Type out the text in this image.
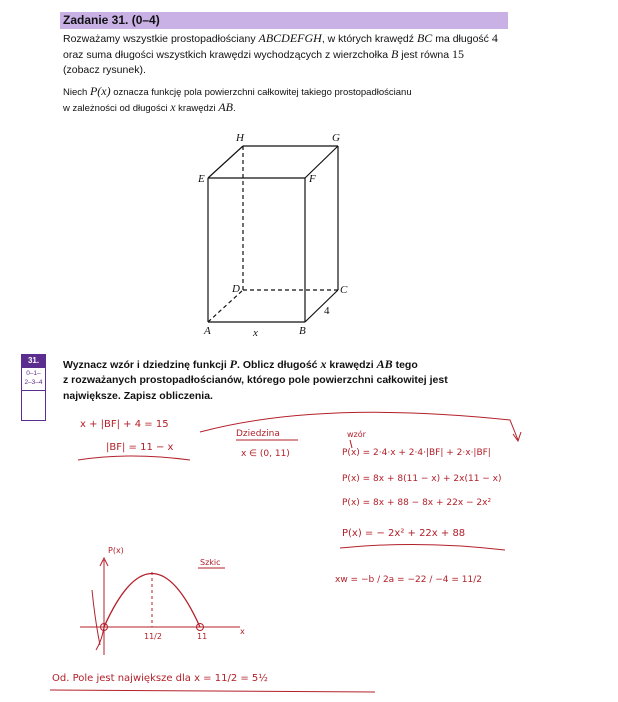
Zadanie 31. (0–4)
Rozważamy wszystkie prostopadłościany ABCDEFGH, w których krawędź BC ma długość 4
oraz suma długości wszystkich krawędzi wychodzących z wierzchołka B jest równa 15
(zobacz rysunek).
Niech P(x) oznacza funkcję pola powierzchni całkowitej takiego prostopadłościanu
w zależności od długości x krawędzi AB.
31.
0–1–
2–3–4
Wyznacz wzór i dziedzinę funkcji P. Oblicz długość x krawędzi AB tego
z rozważanych prostopadłościanów, którego pole powierzchni całkowitej jest
największe. Zapisz obliczenia.
H	G
E	F
D	C
A	B
x
4
x + |BF| + 4 = 15
|BF| = 11 − x
Dziedzina
x ∈ (0, 11)
wzór
P(x) = 2·4·x + 2·4·|BF| + 2·x·|BF|
P(x) = 8x + 8(11 − x) + 2x(11 − x)
P(x) = 8x + 88 − 8x + 22x − 2x²
P(x) = − 2x² + 22x + 88
xw = −b / 2a = −22 / −4 = 11/2
Szkic
P(x)
11/2	11
x
Od. Pole jest największe dla x = 11/2 = 5½
